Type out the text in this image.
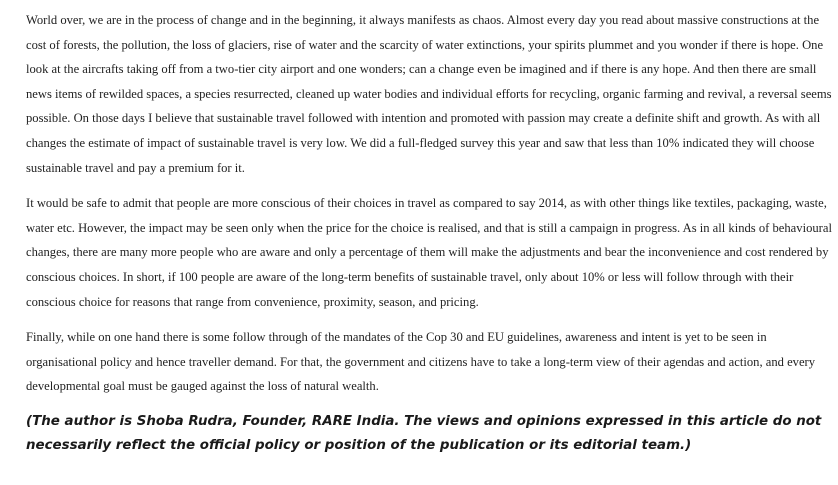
World over, we are in the process of change and in the beginning, it always manifests as chaos. Almost every day you read about massive constructions at the cost of forests, the pollution, the loss of glaciers, rise of water and the scarcity of water extinctions, your spirits plummet and you wonder if there is hope. One look at the aircrafts taking off from a two-tier city airport and one wonders; can a change even be imagined and if there is any hope. And then there are small news items of rewilded spaces, a species resurrected, cleaned up water bodies and individual efforts for recycling, organic farming and revival, a reversal seems possible. On those days I believe that sustainable travel followed with intention and promoted with passion may create a definite shift and growth. As with all changes the estimate of impact of sustainable travel is very low. We did a full-fledged survey this year and saw that less than 10% indicated they will choose sustainable travel and pay a premium for it.

It would be safe to admit that people are more conscious of their choices in travel as compared to say 2014, as with other things like textiles, packaging, waste, water etc. However, the impact may be seen only when the price for the choice is realised, and that is still a campaign in progress. As in all kinds of behavioural changes, there are many more people who are aware and only a percentage of them will make the adjustments and bear the inconvenience and cost rendered by conscious choices. In short, if 100 people are aware of the long-term benefits of sustainable travel, only about 10% or less will follow through with their conscious choice for reasons that range from convenience, proximity, season, and pricing.

Finally, while on one hand there is some follow through of the mandates of the Cop 30 and EU guidelines, awareness and intent is yet to be seen in organisational policy and hence traveller demand. For that, the government and citizens have to take a long-term view of their agendas and action, and every developmental goal must be gauged against the loss of natural wealth.

(The author is Shoba Rudra, Founder, RARE India. The views and opinions expressed in this article do not necessarily reflect the official policy or position of the publication or its editorial team.)
